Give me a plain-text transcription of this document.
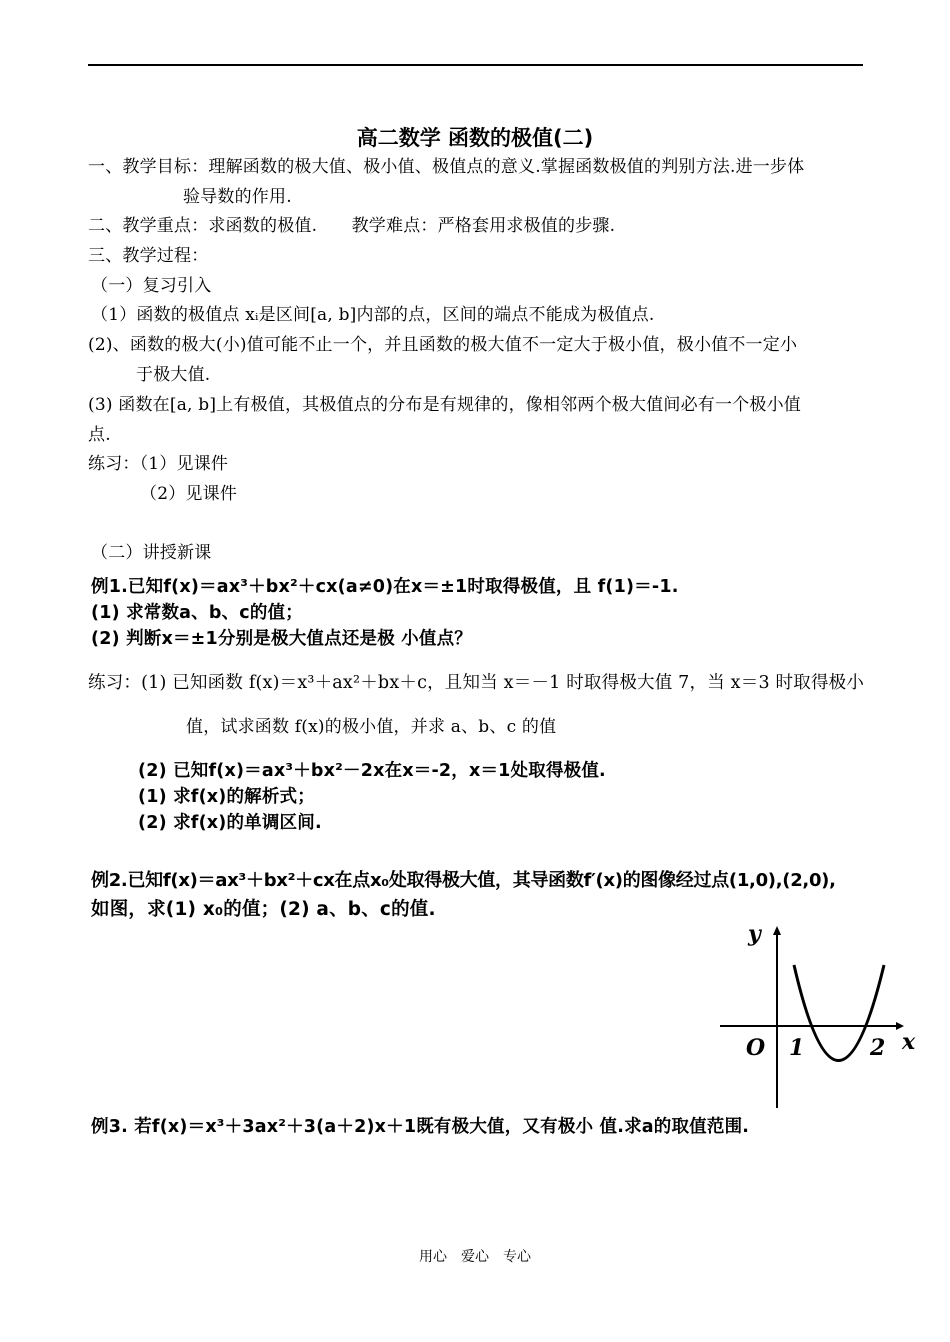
高二数学 函数的极值(二)
一、教学目标：理解函数的极大值、极小值、极值点的意义.掌握函数极值的判别方法.进一步体
验导数的作用.
二、教学重点：求函数的极值.　　教学难点：严格套用求极值的步骤.
三、教学过程：
（一）复习引入
（1）函数的极值点 xᵢ是区间[a, b]内部的点，区间的端点不能成为极值点.
(2)、函数的极大(小)值可能不止一个，并且函数的极大值不一定大于极小值，极小值不一定小
于极大值.
(3) 函数在[a, b]上有极值，其极值点的分布是有规律的，像相邻两个极大值间必有一个极小值
点.
练习：（1）见课件
（2）见课件
（二）讲授新课
例1.已知f(x)＝ax³＋bx²＋cx(a≠0)在x＝±1时取得极值，且 f(1)＝-1.
(1) 求常数a、b、c的值；
(2) 判断x＝±1分别是极大值点还是极 小值点？
练习：(1) 已知函数 f(x)＝x³＋ax²＋bx＋c，且知当 x＝－1 时取得极大值 7，当 x＝3 时取得极小
值，试求函数 f(x)的极小值，并求 a、b、c 的值
(2) 已知f(x)＝ax³＋bx²－2x在x＝-2，x＝1处取得极值.
(1) 求f(x)的解析式；
(2) 求f(x)的单调区间.
例2.已知f(x)＝ax³＋bx²＋cx在点x₀处取得极大值，其导函数f′(x)的图像经过点(1,0),(2,0),
如图，求(1) x₀的值；(2) a、b、c的值.
y
x
O 1	2
例3. 若f(x)＝x³＋3ax²＋3(a＋2)x＋1既有极大值，又有极小 值.求a的取值范围.
用心　爱心　专心
